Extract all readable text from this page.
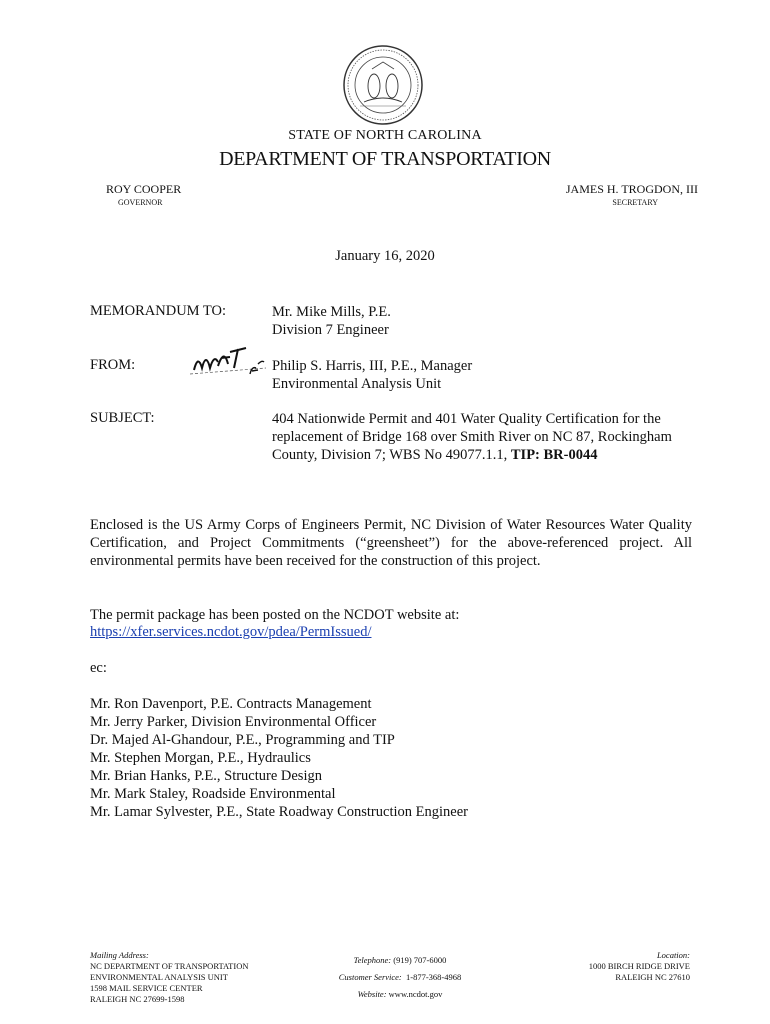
STATE OF NORTH CAROLINA
DEPARTMENT OF TRANSPORTATION
ROY COOPER
GOVERNOR
JAMES H. TROGDON, III
SECRETARY
January 16, 2020
MEMORANDUM TO:	Mr. Mike Mills, P.E.
Division 7 Engineer
FROM:	Philip S. Harris, III, P.E., Manager
Environmental Analysis Unit
SUBJECT:	404 Nationwide Permit and 401 Water Quality Certification for the replacement of Bridge 168 over Smith River on NC 87, Rockingham County, Division 7; WBS No 49077.1.1, TIP: BR-0044
Enclosed is the US Army Corps of Engineers Permit, NC Division of Water Resources Water Quality Certification, and Project Commitments (“greensheet”) for the above-referenced project. All environmental permits have been received for the construction of this project.
The permit package has been posted on the NCDOT website at:
https://xfer.services.ncdot.gov/pdea/PermIssued/
ec:
Mr. Ron Davenport, P.E. Contracts Management
Mr. Jerry Parker, Division Environmental Officer
Dr. Majed Al-Ghandour, P.E., Programming and TIP
Mr. Stephen Morgan, P.E., Hydraulics
Mr. Brian Hanks, P.E., Structure Design
Mr. Mark Staley, Roadside Environmental
Mr. Lamar Sylvester, P.E., State Roadway Construction Engineer
Mailing Address:
NC DEPARTMENT OF TRANSPORTATION
ENVIRONMENTAL ANALYSIS UNIT
1598 MAIL SERVICE CENTER
RALEIGH NC 27699-1598
Telephone: (919) 707-6000
Customer Service: 1-877-368-4968
Website: www.ncdot.gov
Location:
1000 BIRCH RIDGE DRIVE
RALEIGH NC 27610
